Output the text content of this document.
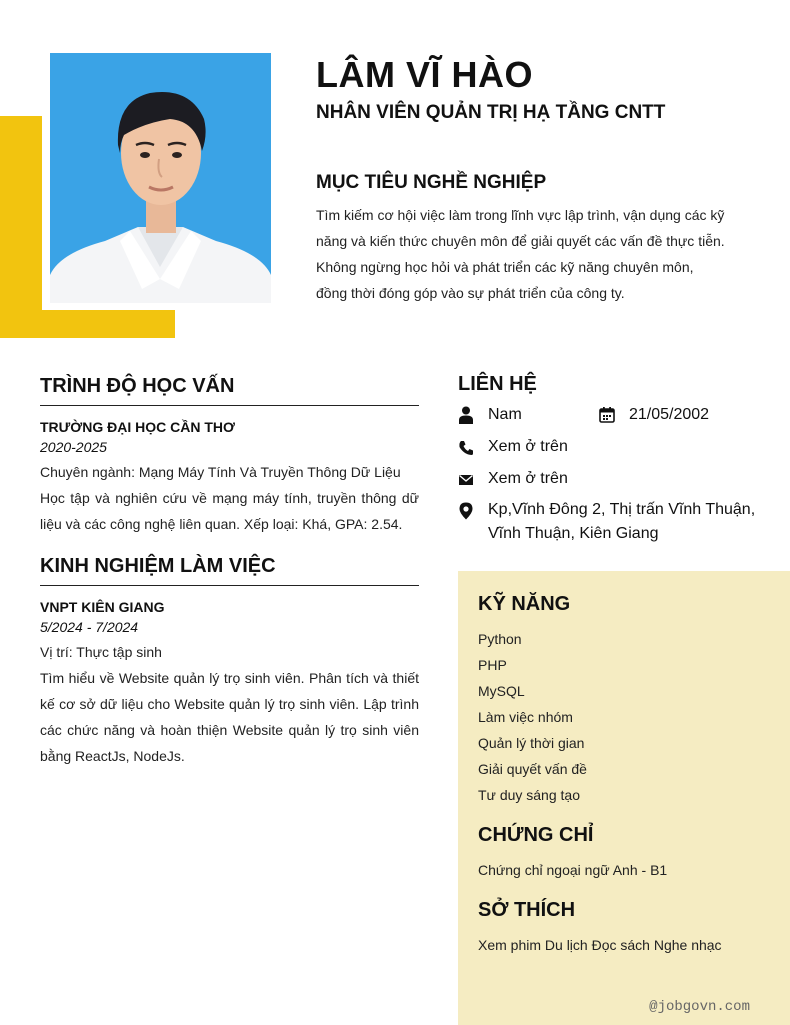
LÂM VĨ HÀO
NHÂN VIÊN QUẢN TRỊ HẠ TẦNG CNTT
MỤC TIÊU NGHỀ NGHIỆP

Tìm kiếm cơ hội việc làm trong lĩnh vực lập trình, vận dụng các kỹ năng và kiến thức chuyên môn để giải quyết các vấn đề thực tiễn. Không ngừng học hỏi và phát triển các kỹ năng chuyên môn, đồng thời đóng góp vào sự phát triển của công ty.

TRÌNH ĐỘ HỌC VẤN

TRƯỜNG ĐẠI HỌC CẦN THƠ

2020-2025

Chuyên ngành: Mạng Máy Tính Và Truyền Thông Dữ Liệu

Học tập và nghiên cứu về mạng máy tính, truyền thông dữ liệu và các công nghệ liên quan. Xếp loại: Khá, GPA: 2.54.

KINH NGHIỆM LÀM VIỆC

VNPT KIÊN GIANG

5/2024 - 7/2024

Vị trí: Thực tập sinh

Tìm hiểu về Website quản lý trọ sinh viên. Phân tích và thiết kế cơ sở dữ liệu cho Website quản lý trọ sinh viên. Lập trình các chức năng và hoàn thiện Website quản lý trọ sinh viên bằng ReactJs, NodeJs.

LIÊN HỆ
Nam	21/05/2002
Xem ở trên
Xem ở trên
Kp,Vĩnh Đông 2, Thị trấn Vĩnh Thuận, Vĩnh Thuận, Kiên Giang
KỸ NĂNG
Python
PHP
MySQL
Làm việc nhóm
Quản lý thời gian
Giải quyết vấn đề
Tư duy sáng tạo
CHỨNG CHỈ

Chứng chỉ ngoại ngữ Anh - B1

SỞ THÍCH

Xem phim Du lịch Đọc sách Nghe nhạc

@jobgovn.com
